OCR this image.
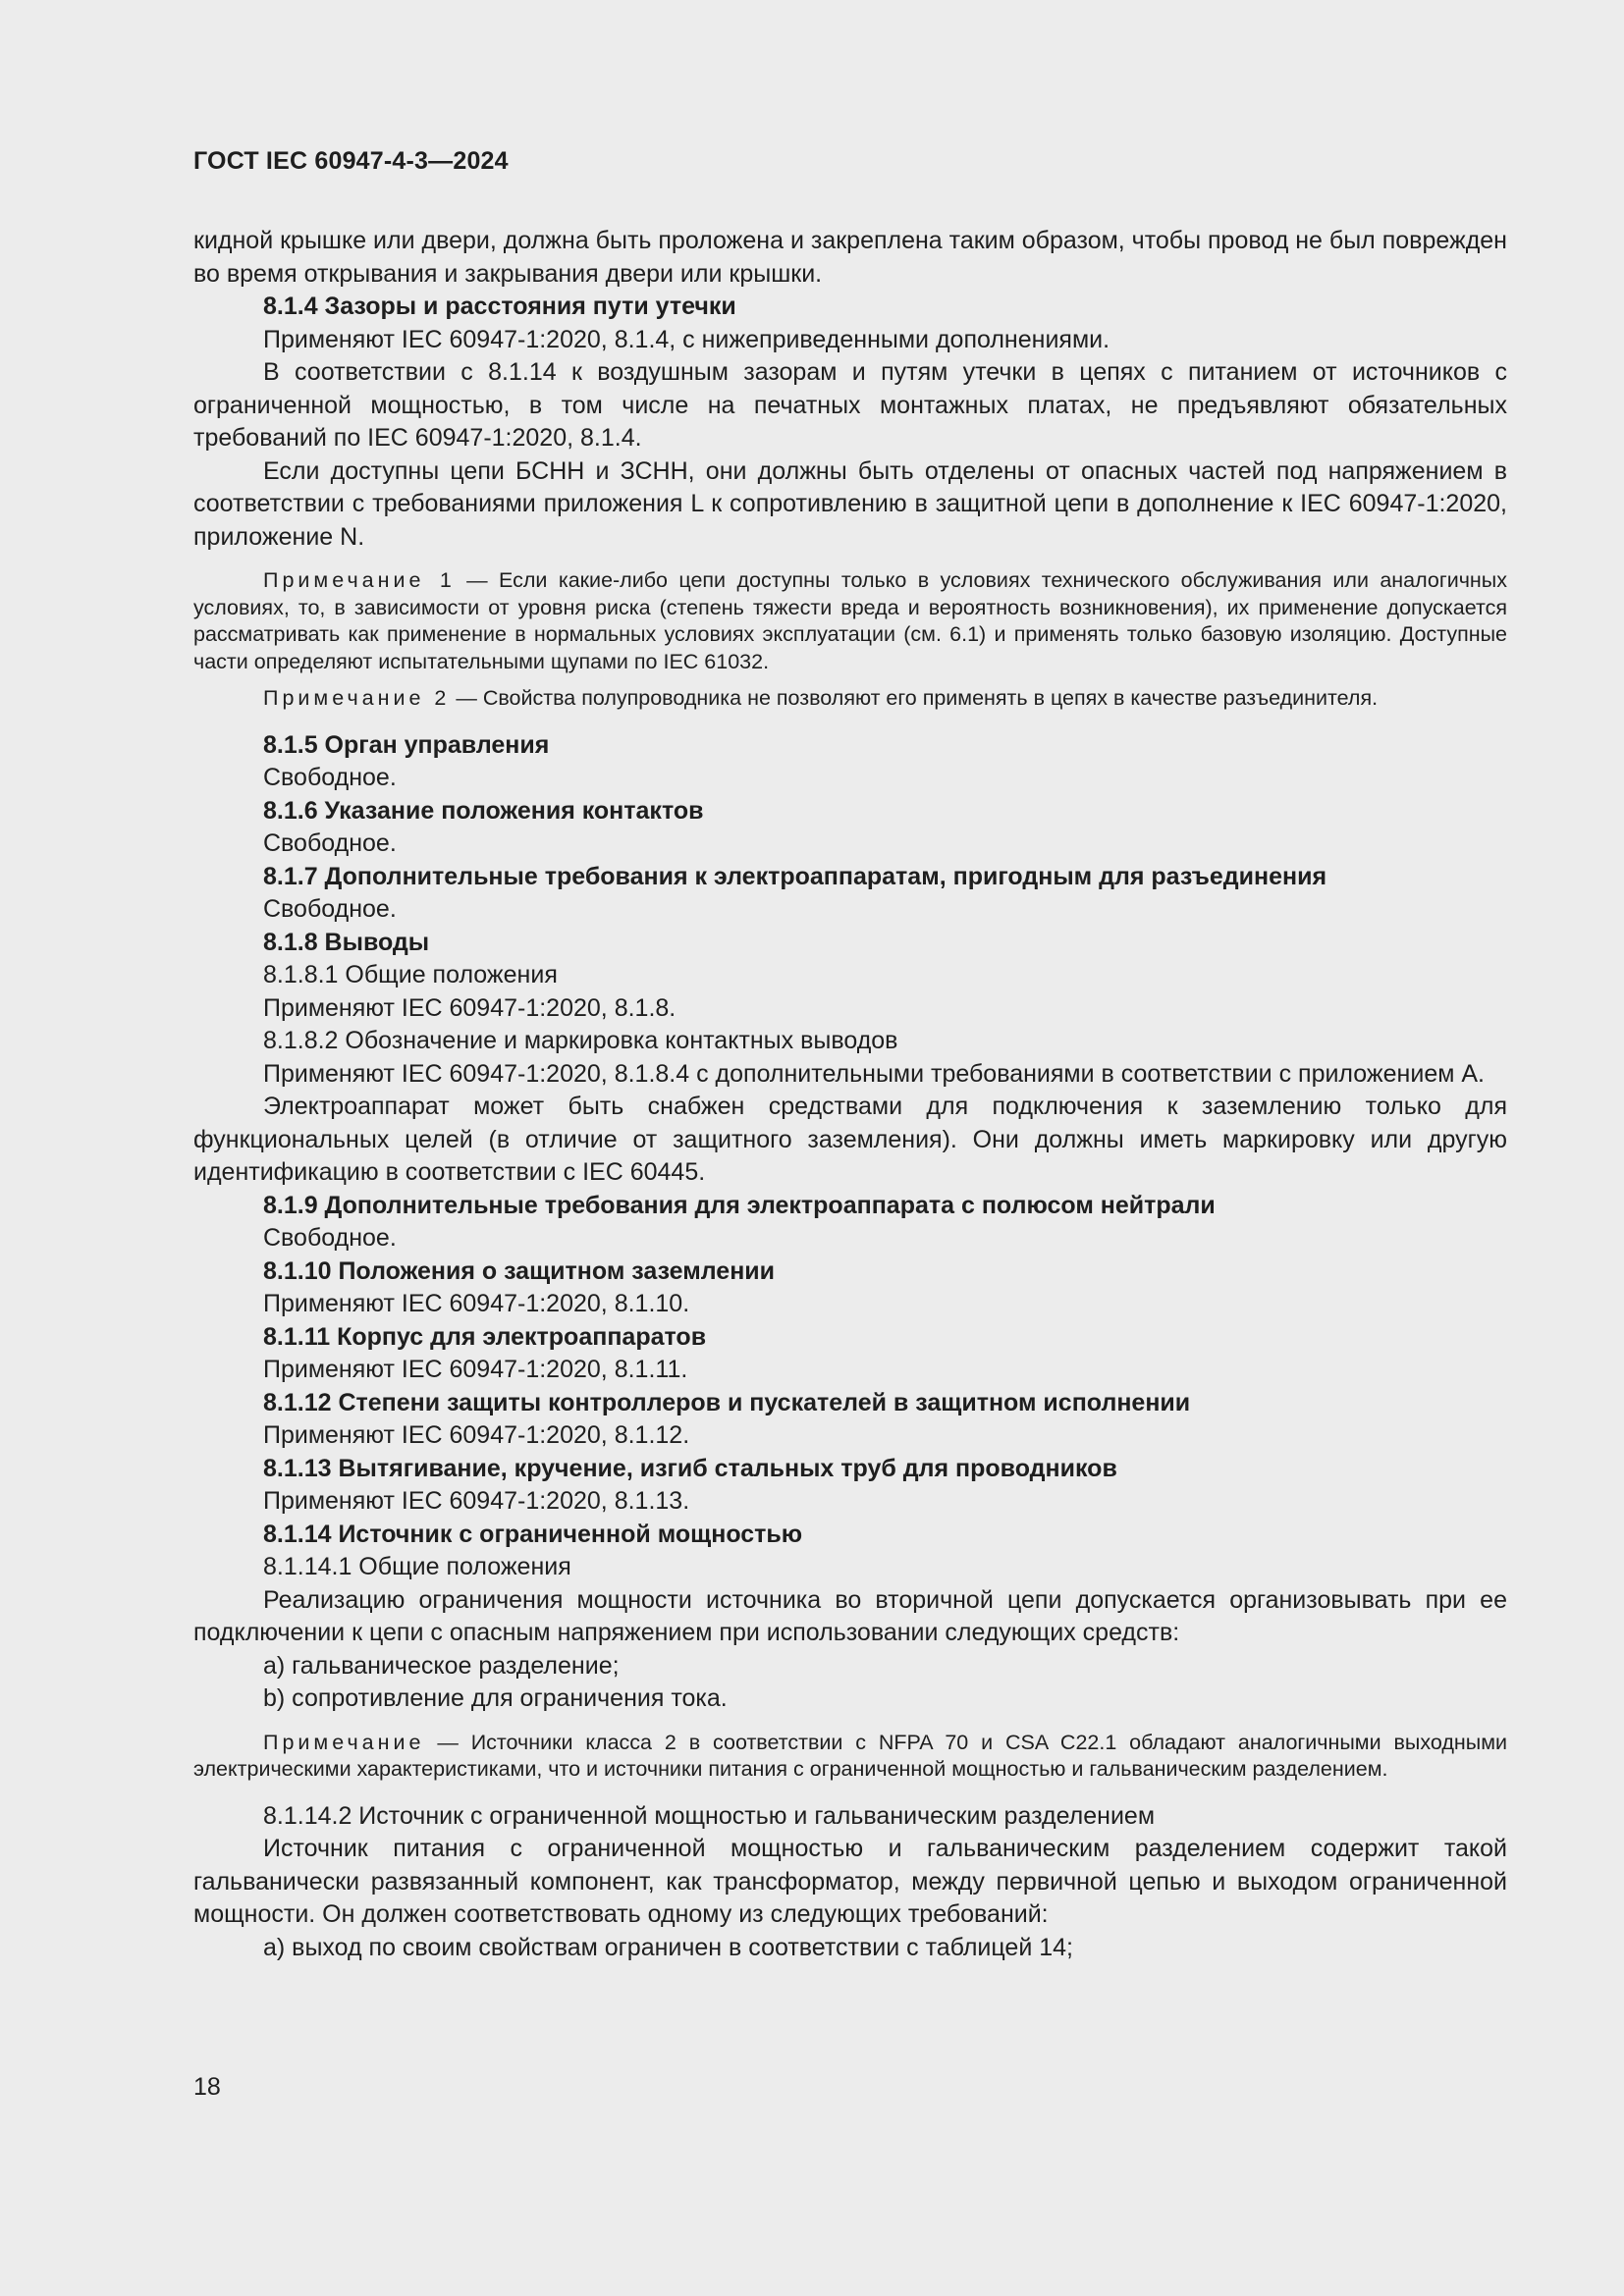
ГОСТ IEC 60947-4-3—2024

кидной крышке или двери, должна быть проложена и закреплена таким образом, чтобы провод не был поврежден во время открывания и закрывания двери или крышки.

8.1.4 Зазоры и расстояния пути утечки

Применяют IEC 60947-1:2020, 8.1.4, с нижеприведенными дополнениями.

В соответствии с 8.1.14 к воздушным зазорам и путям утечки в цепях с питанием от источников с ограниченной мощностью, в том числе на печатных монтажных платах, не предъявляют обязательных требований по IEC 60947-1:2020, 8.1.4.

Если доступны цепи БСНН и ЗСНН, они должны быть отделены от опасных частей под напряжением в соответствии с требованиями приложения L к сопротивлению в защитной цепи в дополнение к IEC 60947-1:2020, приложение N.

Примечание 1 — Если какие-либо цепи доступны только в условиях технического обслуживания или аналогичных условиях, то, в зависимости от уровня риска (степень тяжести вреда и вероятность возникновения), их применение допускается рассматривать как применение в нормальных условиях эксплуатации (см. 6.1) и применять только базовую изоляцию. Доступные части определяют испытательными щупами по IEC 61032.

Примечание 2 — Свойства полупроводника не позволяют его применять в цепях в качестве разъединителя.

8.1.5 Орган управления

Свободное.

8.1.6 Указание положения контактов

Свободное.

8.1.7 Дополнительные требования к электроаппаратам, пригодным для разъединения

Свободное.

8.1.8 Выводы

8.1.8.1 Общие положения

Применяют IEC 60947-1:2020, 8.1.8.

8.1.8.2 Обозначение и маркировка контактных выводов

Применяют IEC 60947-1:2020, 8.1.8.4 с дополнительными требованиями в соответствии с приложением А.

Электроаппарат может быть снабжен средствами для подключения к заземлению только для функциональных целей (в отличие от защитного заземления). Они должны иметь маркировку или другую идентификацию в соответствии с IEC 60445.

8.1.9 Дополнительные требования для электроаппарата с полюсом нейтрали

Свободное.

8.1.10 Положения о защитном заземлении

Применяют IEC 60947-1:2020, 8.1.10.

8.1.11 Корпус для электроаппаратов

Применяют IEC 60947-1:2020, 8.1.11.

8.1.12 Степени защиты контроллеров и пускателей в защитном исполнении

Применяют IEC 60947-1:2020, 8.1.12.

8.1.13 Вытягивание, кручение, изгиб стальных труб для проводников

Применяют IEC 60947-1:2020, 8.1.13.

8.1.14 Источник с ограниченной мощностью

8.1.14.1 Общие положения

Реализацию ограничения мощности источника во вторичной цепи допускается организовывать при ее подключении к цепи с опасным напряжением при использовании следующих средств:

a) гальваническое разделение;

b) сопротивление для ограничения тока.

Примечание — Источники класса 2 в соответствии с NFPA 70 и CSA C22.1 обладают аналогичными выходными электрическими характеристиками, что и источники питания с ограниченной мощностью и гальваническим разделением.

8.1.14.2 Источник с ограниченной мощностью и гальваническим разделением

Источник питания с ограниченной мощностью и гальваническим разделением содержит такой гальванически развязанный компонент, как трансформатор, между первичной цепью и выходом ограниченной мощности. Он должен соответствовать одному из следующих требований:

a) выход по своим свойствам ограничен в соответствии с таблицей 14;

18
